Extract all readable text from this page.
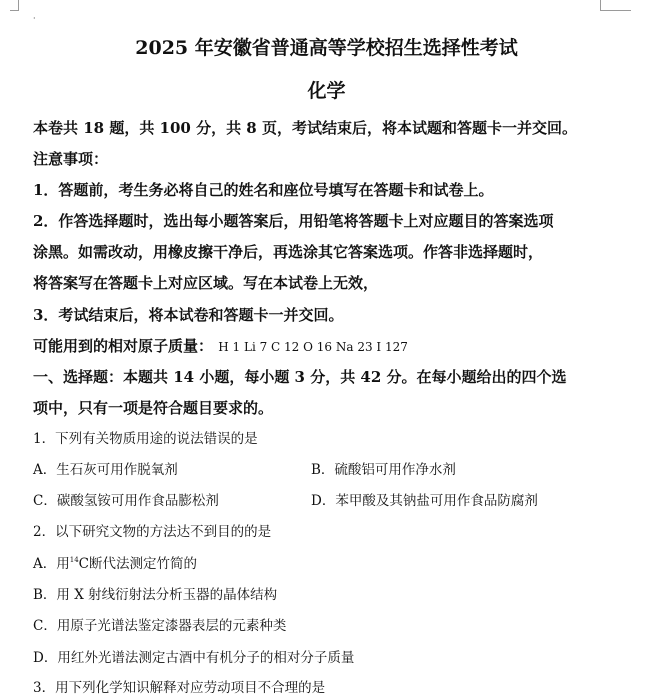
·
2025 年安徽省普通高等学校招生选择性考试
化学
本卷共 18 题，共 100 分，共 8 页，考试结束后，将本试题和答题卡一并交回。
注意事项：
1．答题前，考生务必将自己的姓名和座位号填写在答题卡和试卷上。
2．作答选择题时，选出每小题答案后，用铅笔将答题卡上对应题目的答案选项
涂黑。如需改动，用橡皮擦干净后，再选涂其它答案选项。作答非选择题时，
将答案写在答题卡上对应区域。写在本试卷上无效，
3．考试结束后，将本试卷和答题卡一并交回。
可能用到的相对原子质量： H 1 Li 7 C 12 O 16 Na 23 I 127
一、选择题：本题共 14 小题，每小题 3 分，共 42 分。在每小题给出的四个选
项中，只有一项是符合题目要求的。
1．下列有关物质用途的说法错误的是
A．生石灰可用作脱氧剂	B．硫酸铝可用作净水剂
C．碳酸氢铵可用作食品膨松剂	D．苯甲酸及其钠盐可用作食品防腐剂
2．以下研究文物的方法达不到目的的是
A．用$^{14}$C断代法测定竹简的
B．用 X 射线衍射法分析玉器的晶体结构
C．用原子光谱法鉴定漆器表层的元素种类
D．用红外光谱法测定古酒中有机分子的相对分子质量
3．用下列化学知识解释对应劳动项目不合理的是
